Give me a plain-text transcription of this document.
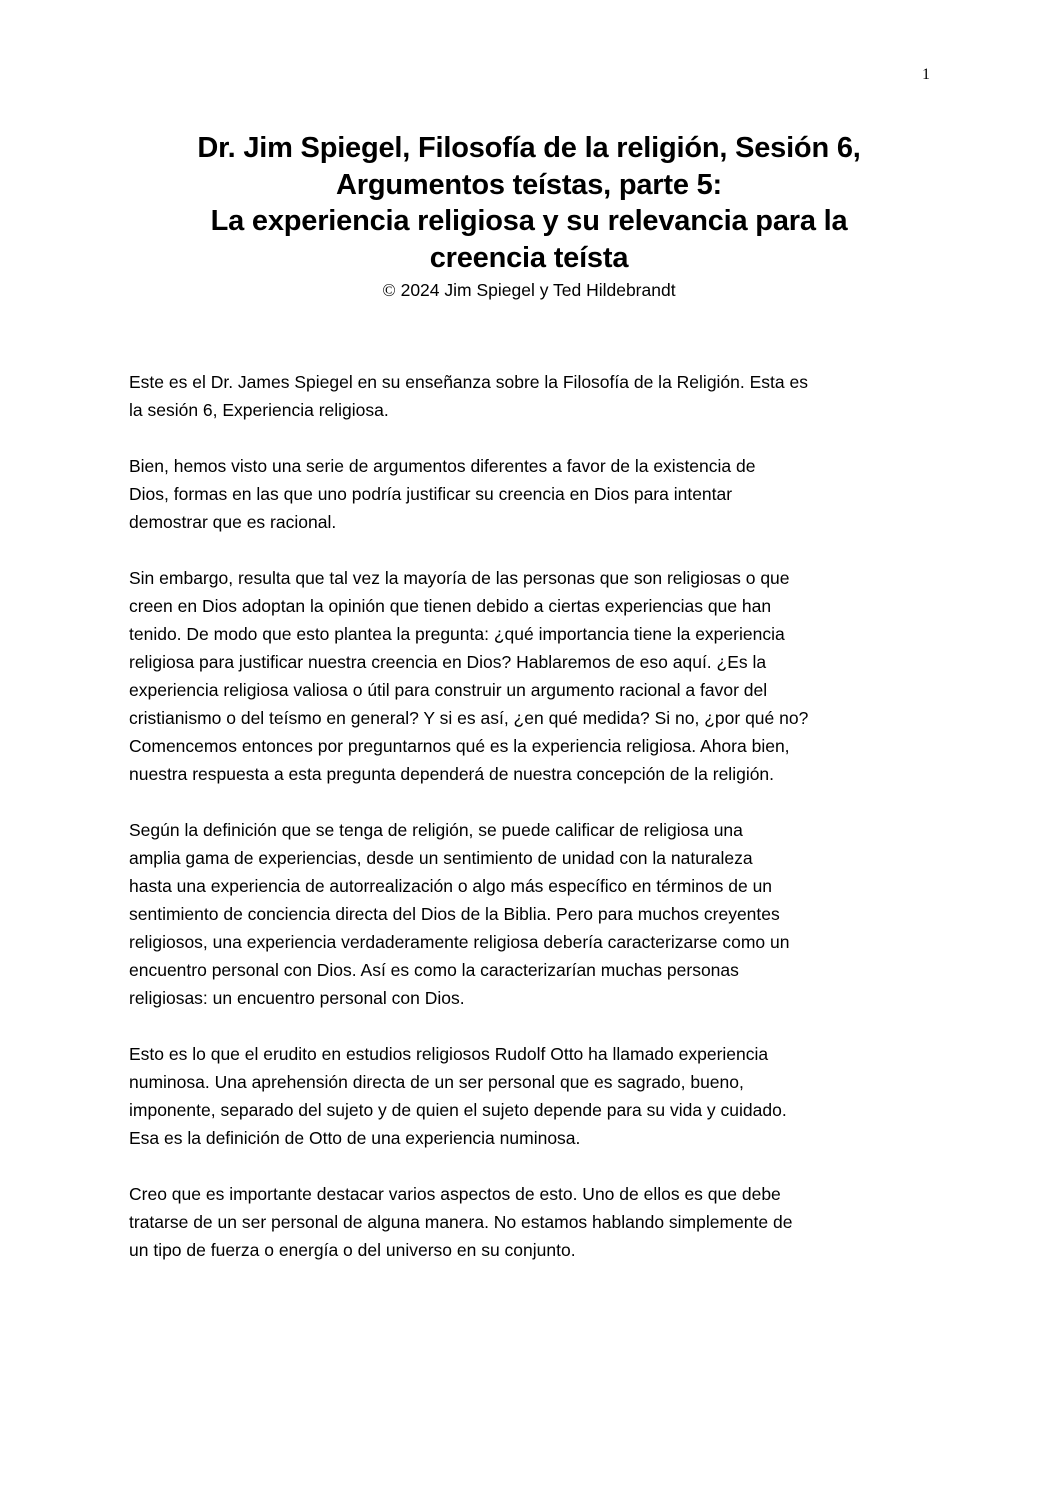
1
Dr. Jim Spiegel, Filosofía de la religión, Sesión 6,
Argumentos teístas, parte 5:
La experiencia religiosa y su relevancia para la
creencia teísta
© 2024 Jim Spiegel y Ted Hildebrandt

Este es el Dr. James Spiegel en su enseñanza sobre la Filosofía de la Religión. Esta es
la sesión 6, Experiencia religiosa.

Bien, hemos visto una serie de argumentos diferentes a favor de la existencia de
Dios, formas en las que uno podría justificar su creencia en Dios para intentar
demostrar que es racional.

Sin embargo, resulta que tal vez la mayoría de las personas que son religiosas o que
creen en Dios adoptan la opinión que tienen debido a ciertas experiencias que han
tenido. De modo que esto plantea la pregunta: ¿qué importancia tiene la experiencia
religiosa para justificar nuestra creencia en Dios? Hablaremos de eso aquí. ¿Es la
experiencia religiosa valiosa o útil para construir un argumento racional a favor del
cristianismo o del teísmo en general? Y si es así, ¿en qué medida? Si no, ¿por qué no?
Comencemos entonces por preguntarnos qué es la experiencia religiosa. Ahora bien,
nuestra respuesta a esta pregunta dependerá de nuestra concepción de la religión.

Según la definición que se tenga de religión, se puede calificar de religiosa una
amplia gama de experiencias, desde un sentimiento de unidad con la naturaleza
hasta una experiencia de autorrealización o algo más específico en términos de un
sentimiento de conciencia directa del Dios de la Biblia. Pero para muchos creyentes
religiosos, una experiencia verdaderamente religiosa debería caracterizarse como un
encuentro personal con Dios. Así es como la caracterizarían muchas personas
religiosas: un encuentro personal con Dios.

Esto es lo que el erudito en estudios religiosos Rudolf Otto ha llamado experiencia
numinosa. Una aprehensión directa de un ser personal que es sagrado, bueno,
imponente, separado del sujeto y de quien el sujeto depende para su vida y cuidado.
Esa es la definición de Otto de una experiencia numinosa.

Creo que es importante destacar varios aspectos de esto. Uno de ellos es que debe
tratarse de un ser personal de alguna manera. No estamos hablando simplemente de
un tipo de fuerza o energía o del universo en su conjunto.
